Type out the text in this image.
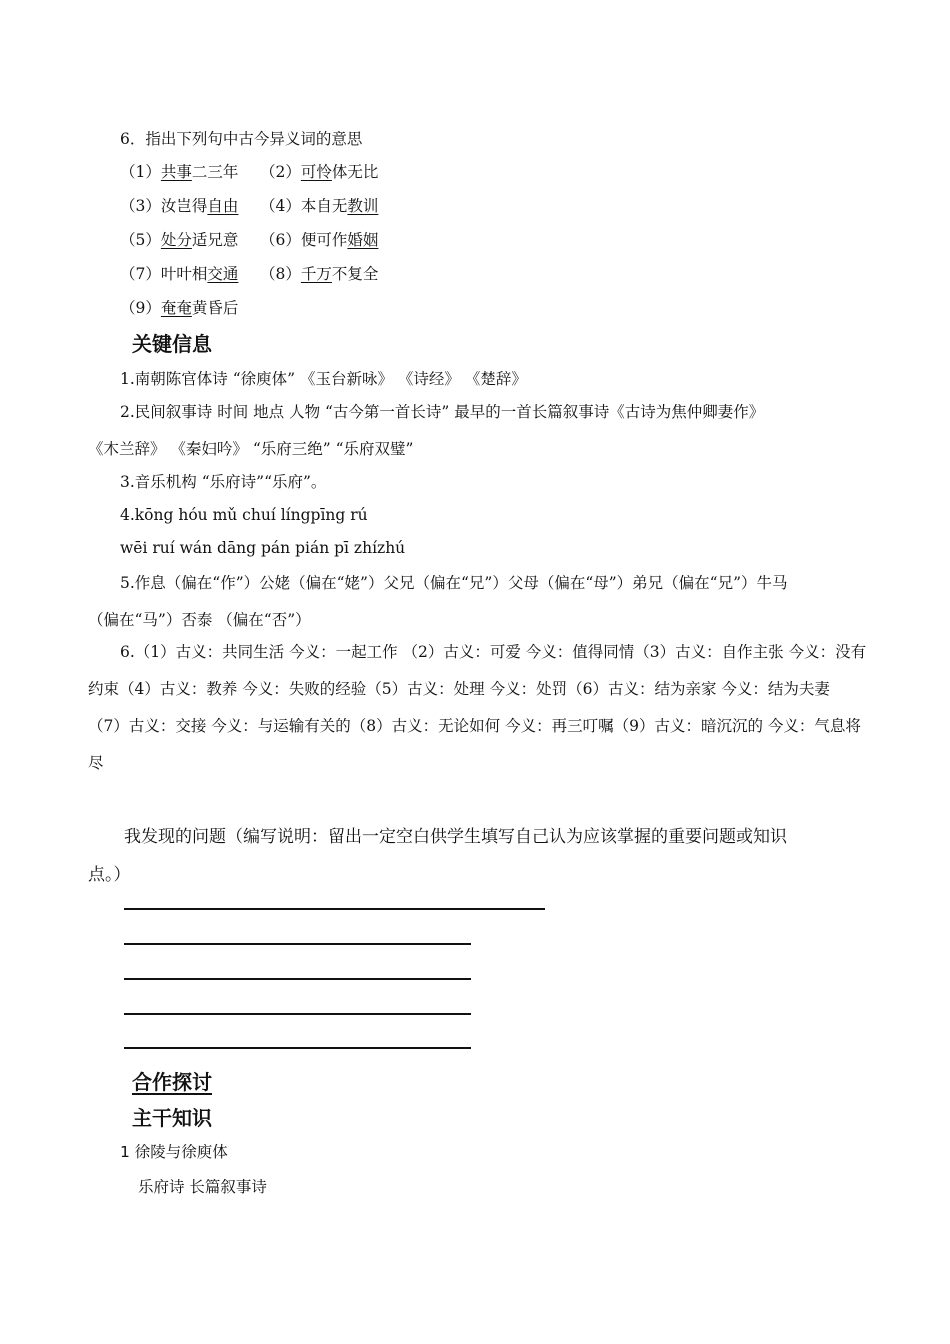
6．指出下列句中古今异义词的意思
（1）共事二三年 （2）可怜体无比
（3）汝岂得自由 （4）本自无教训
（5）处分适兄意 （6）便可作婚姻
（7）叶叶相交通 （8）千万不复全
（9）奄奄黄昏后
关键信息
1.南朝陈官体诗 “徐庾体” 《玉台新咏》 《诗经》 《楚辞》
2.民间叙事诗 时间 地点 人物 “古今第一首长诗” 最早的一首长篇叙事诗《古诗为焦仲卿妻作》
《木兰辞》 《秦妇吟》 “乐府三绝” “乐府双璧”
3.音乐机构 “乐府诗”“乐府”。
4.kōng hóu mǔ chuí língpīng rú
wēi ruí wán dāng pán pián pī zhízhú
5.作息（偏在“作”）公姥（偏在“姥”）父兄（偏在“兄”）父母（偏在“母”）弟兄（偏在“兄”）牛马
（偏在“马”）否泰 （偏在“否”）
6.（1）古义：共同生活 今义：一起工作 （2）古义：可爱 今义：值得同情（3）古义：自作主张 今义：没有
约束（4）古义：教养 今义：失败的经验（5）古义：处理 今义：处罚（6）古义：结为亲家 今义：结为夫妻
（7）古义：交接 今义：与运输有关的（8）古义：无论如何 今义：再三叮嘱（9）古义：暗沉沉的 今义：气息将
尽
我发现的问题（编写说明：留出一定空白供学生填写自己认为应该掌握的重要问题或知识
点。）
合作探讨
主干知识
1 徐陵与徐庾体
乐府诗 长篇叙事诗
